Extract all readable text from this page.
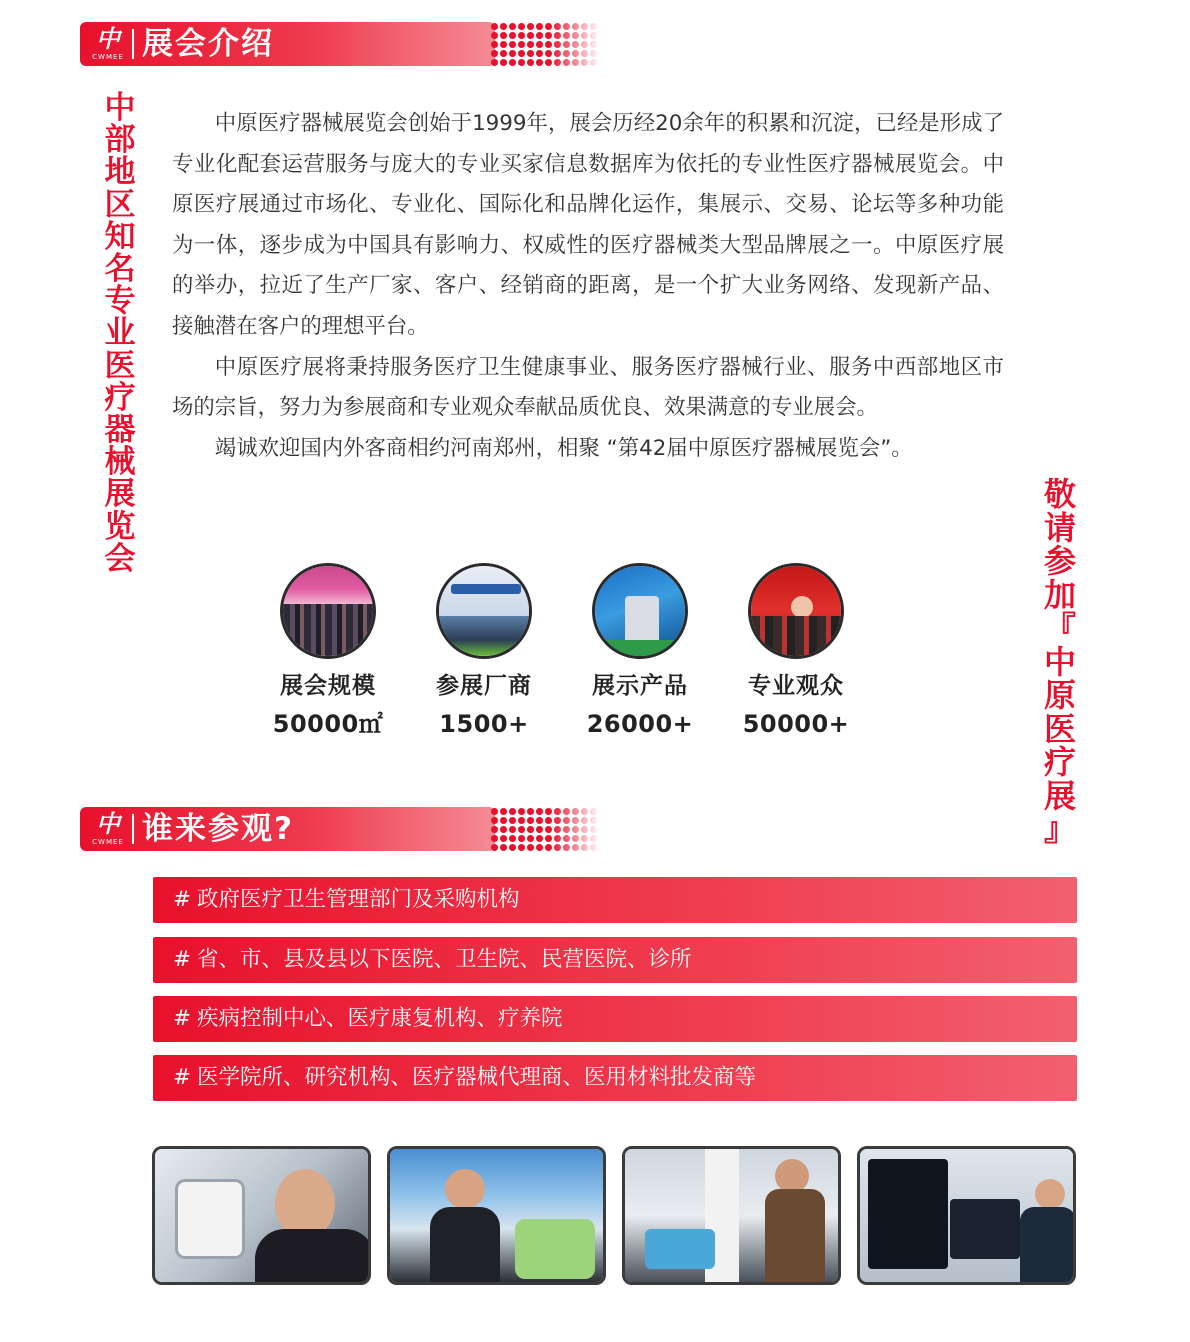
中
CWMEE 展会介绍
中
部
地
区
知
名
专
业
医
疗
器
械
展
览
会

中原医疗器械展览会创始于1999年，展会历经20余年的积累和沉淀，已经是形成了专业化配套运营服务与庞大的专业买家信息数据库为依托的专业性医疗器械展览会。中原医疗展通过市场化、专业化、国际化和品牌化运作，集展示、交易、论坛等多种功能为一体，逐步成为中国具有影响力、权威性的医疗器械类大型品牌展之一。中原医疗展的举办，拉近了生产厂家、客户、经销商的距离，是一个扩大业务网络、发现新产品、接触潜在客户的理想平台。

中原医疗展将秉持服务医疗卫生健康事业、服务医疗器械行业、服务中西部地区市场的宗旨，努力为参展商和专业观众奉献品质优良、效果满意的专业展会。

竭诚欢迎国内外客商相约河南郑州，相聚 “第42届中原医疗器械展览会”。

敬
请
参
加
『
中
原
医
疗
展
』
展会规模
50000㎡
参展厂商
1500+
展示产品
26000+
专业观众
50000+
中
CWMEE 谁来参观?
# 政府医疗卫生管理部门及采购机构
# 省、市、县及县以下医院、卫生院、民营医院、诊所
# 疾病控制中心、医疗康复机构、疗养院
# 医学院所、研究机构、医疗器械代理商、医用材料批发商等
